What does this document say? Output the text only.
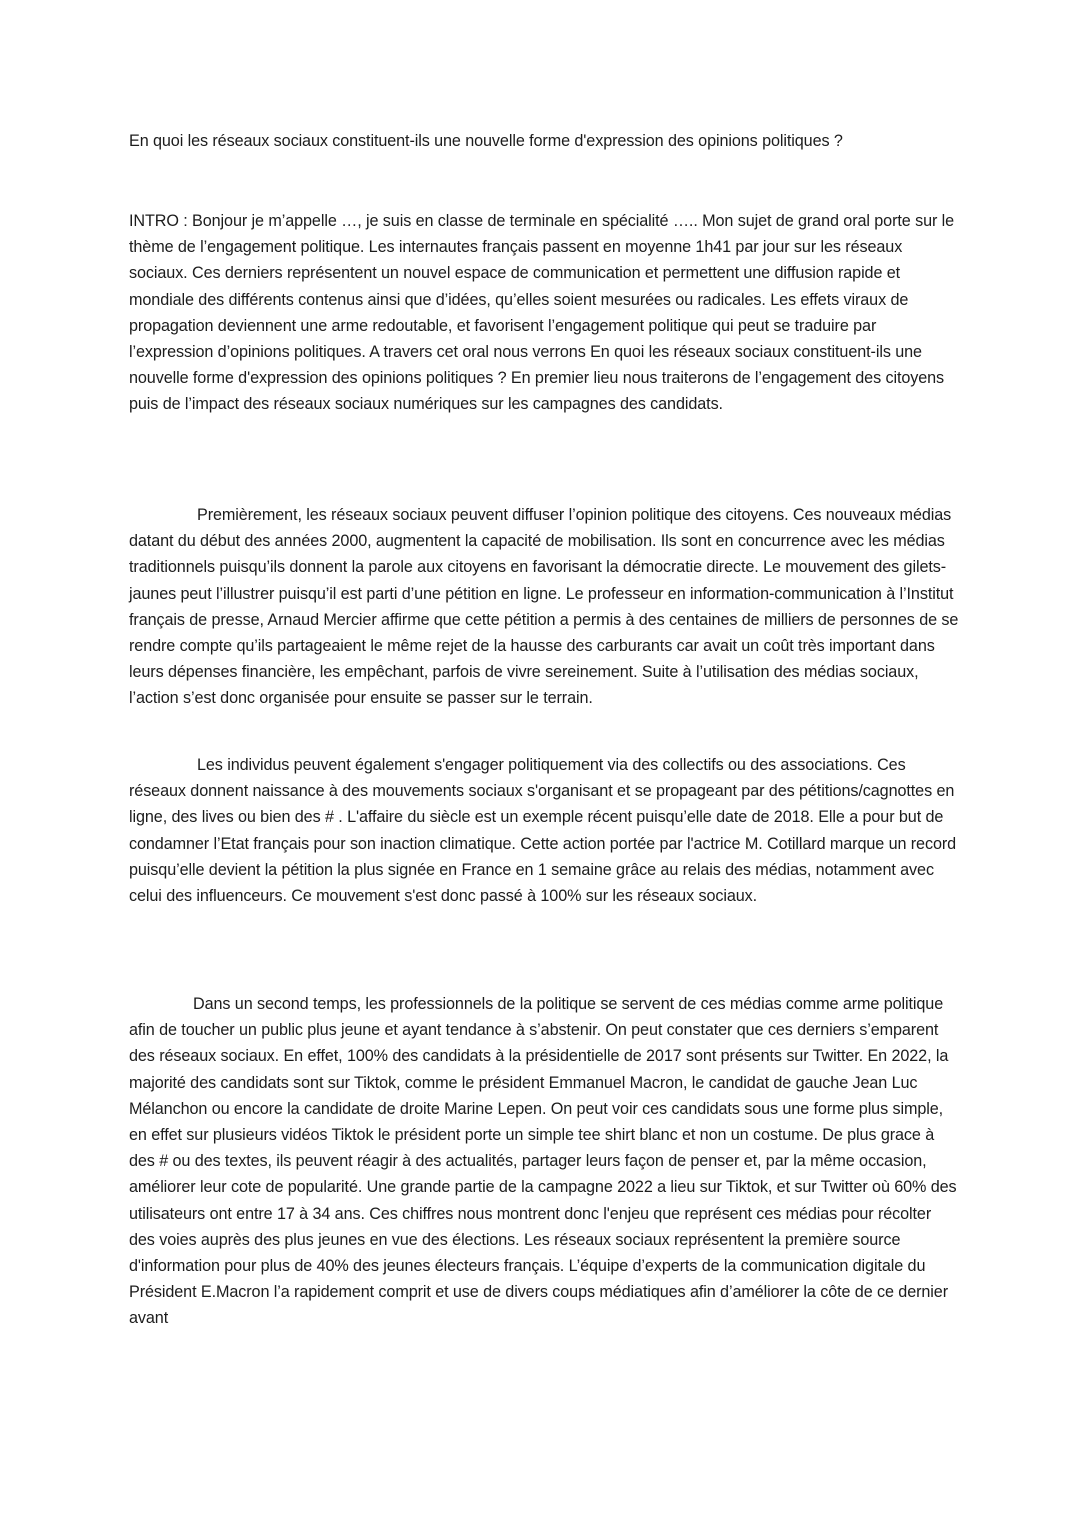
En quoi les réseaux sociaux constituent-ils une nouvelle forme d'expression des opinions politiques ?

INTRO : Bonjour je m’appelle …, je suis en classe de terminale en spécialité ….. Mon sujet de grand oral porte sur le thème de l’engagement politique. Les internautes français passent en moyenne 1h41 par jour sur les réseaux sociaux. Ces derniers représentent un nouvel espace de communication et permettent une diffusion rapide et mondiale des différents contenus ainsi que d’idées, qu’elles soient mesurées ou radicales. Les effets viraux de propagation deviennent une arme redoutable, et favorisent l’engagement politique qui peut se traduire par l’expression d’opinions politiques. A travers cet oral nous verrons En quoi les réseaux sociaux constituent-ils une nouvelle forme d'expression des opinions politiques ? En premier lieu nous traiterons de l’engagement des citoyens puis de l’impact des réseaux sociaux numériques sur les campagnes des candidats.

Premièrement, les réseaux sociaux peuvent diffuser l’opinion politique des citoyens. Ces nouveaux médias datant du début des années 2000, augmentent la capacité de mobilisation. Ils sont en concurrence avec les médias traditionnels puisqu’ils donnent la parole aux citoyens en favorisant la démocratie directe. Le mouvement des gilets-jaunes peut l’illustrer puisqu’il est parti d’une pétition en ligne. Le professeur en information-communication à l’Institut français de presse, Arnaud Mercier affirme que cette pétition a permis à des centaines de milliers de personnes de se rendre compte qu’ils partageaient le même rejet de la hausse des carburants car avait un coût très important dans leurs dépenses financière, les empêchant, parfois de vivre sereinement. Suite à l’utilisation des médias sociaux, l’action s’est donc organisée pour ensuite se passer sur le terrain.

Les individus peuvent également s'engager politiquement via des collectifs ou des associations. Ces réseaux donnent naissance à des mouvements sociaux s'organisant et se propageant par des pétitions/cagnottes en ligne, des lives ou bien des # . L'affaire du siècle est un exemple récent puisqu’elle date de 2018. Elle a pour but de condamner l’Etat français pour son inaction climatique. Cette action portée par l'actrice M. Cotillard marque un record puisqu’elle devient la pétition la plus signée en France en 1 semaine grâce au relais des médias, notamment avec celui des influenceurs. Ce mouvement s'est donc passé à 100% sur les réseaux sociaux.

Dans un second temps, les professionnels de la politique se servent de ces médias comme arme politique afin de toucher un public plus jeune et ayant tendance à s’abstenir. On peut constater que ces derniers s’emparent des réseaux sociaux. En effet, 100% des candidats à la présidentielle de 2017 sont présents sur Twitter. En 2022, la majorité des candidats sont sur Tiktok, comme le président Emmanuel Macron, le candidat de gauche Jean Luc Mélanchon ou encore la candidate de droite Marine Lepen. On peut voir ces candidats sous une forme plus simple, en effet sur plusieurs vidéos Tiktok le président porte un simple tee shirt blanc et non un costume. De plus grace à des # ou des textes, ils peuvent réagir à des actualités, partager leurs façon de penser et, par la même occasion, améliorer leur cote de popularité. Une grande partie de la campagne 2022 a lieu sur Tiktok, et sur Twitter où 60% des utilisateurs ont entre 17 à 34 ans. Ces chiffres nous montrent donc l'enjeu que représent ces médias pour récolter des voies auprès des plus jeunes en vue des élections. Les réseaux sociaux représentent la première source d'information pour plus de 40% des jeunes électeurs français. L’équipe d’experts de la communication digitale du Président E.Macron l’a rapidement comprit et use de divers coups médiatiques afin d’améliorer la côte de ce dernier avant
